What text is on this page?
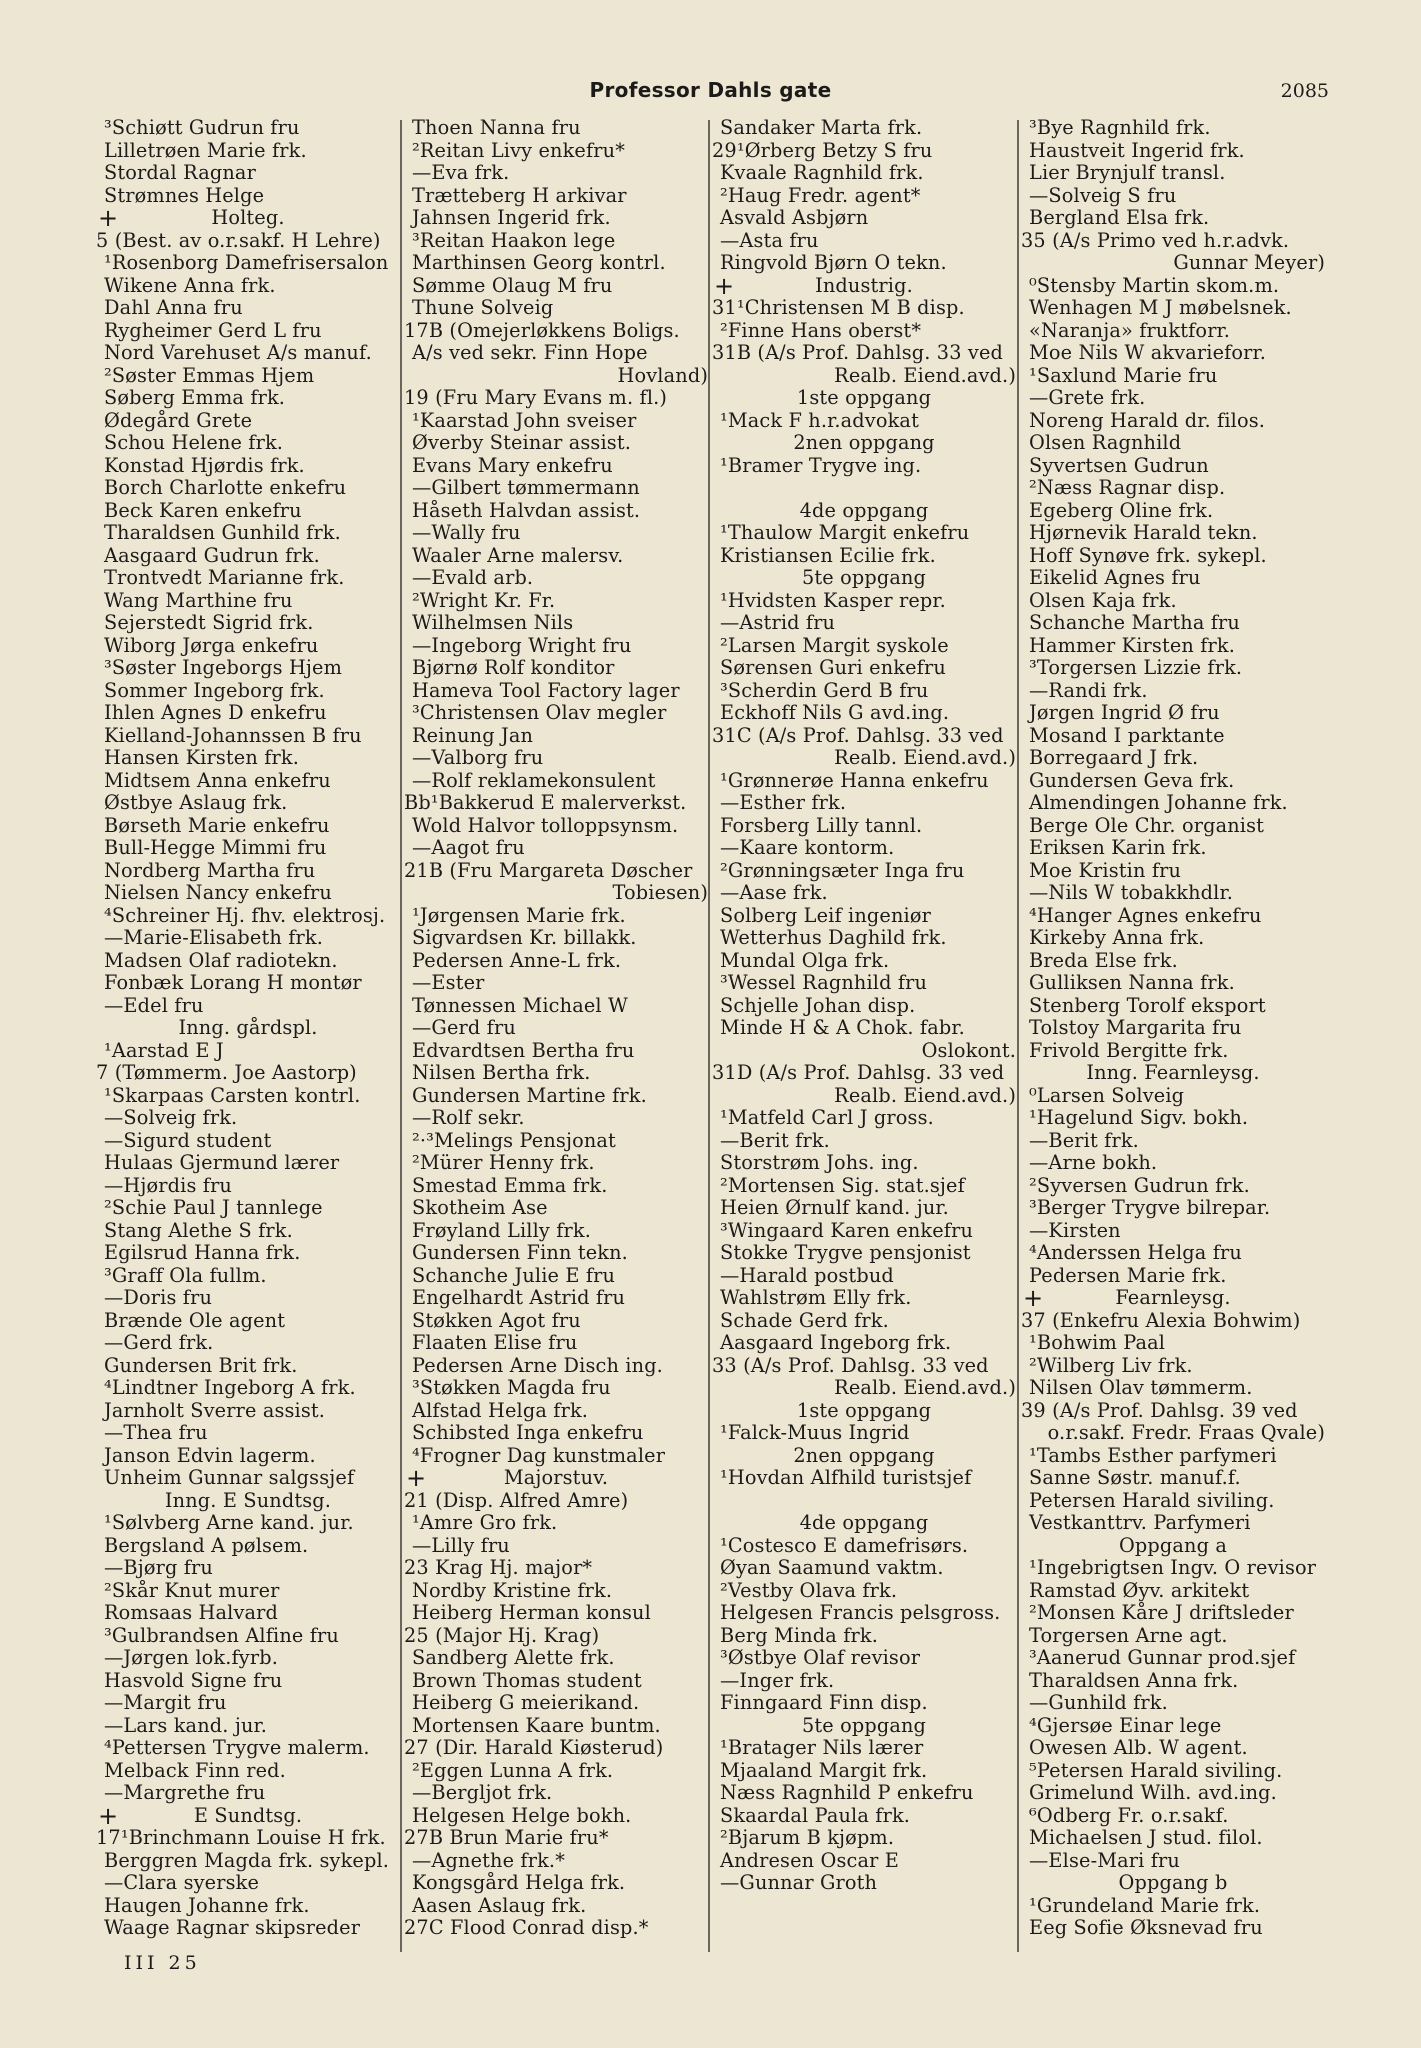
Professor Dahls gate	2085
³Schiøtt Gudrun fru
Lilletrøen Marie frk.
Stordal Ragnar
Strømnes Helge
+	Holteg.
5 (Best. av o.r.sakf. H Lehre)
¹Rosenborg Damefrisersalon
Wikene Anna frk.
Dahl Anna fru
Rygheimer Gerd L fru
Nord Varehuset A/s manuf.
²Søster Emmas Hjem
Søberg Emma frk.
Ødegård Grete
Schou Helene frk.
Konstad Hjørdis frk.
Borch Charlotte enkefru
Beck Karen enkefru
Tharaldsen Gunhild frk.
Aasgaard Gudrun frk.
Trontvedt Marianne frk.
Wang Marthine fru
Sejerstedt Sigrid frk.
Wiborg Jørga enkefru
³Søster Ingeborgs Hjem
Sommer Ingeborg frk.
Ihlen Agnes D enkefru
Kielland-Johannssen B fru
Hansen Kirsten frk.
Midtsem Anna enkefru
Østbye Aslaug frk.
Børseth Marie enkefru
Bull-Hegge Mimmi fru
Nordberg Martha fru
Nielsen Nancy enkefru
⁴Schreiner Hj. fhv. elektrosj.
—Marie-Elisabeth frk.
Madsen Olaf radiotekn.
Fonbæk Lorang H montør
—Edel fru
Inng. gårdspl.
¹Aarstad E J
7 (Tømmerm. Joe Aastorp)
¹Skarpaas Carsten kontrl.
—Solveig frk.
—Sigurd student
Hulaas Gjermund lærer
—Hjørdis fru
²Schie Paul J tannlege
Stang Alethe S frk.
Egilsrud Hanna frk.
³Graff Ola fullm.
—Doris fru
Brænde Ole agent
—Gerd frk.
Gundersen Brit frk.
⁴Lindtner Ingeborg A frk.
Jarnholt Sverre assist.
—Thea fru
Janson Edvin lagerm.
Unheim Gunnar salgssjef
Inng. E Sundtsg.
¹Sølvberg Arne kand. jur.
Bergsland A pølsem.
—Bjørg fru
²Skår Knut murer
Romsaas Halvard
³Gulbrandsen Alfine fru
—Jørgen lok.fyrb.
Hasvold Signe fru
—Margit fru
—Lars kand. jur.
⁴Pettersen Trygve malerm.
Melback Finn red.
—Margrethe fru
+	E Sundtsg.
17¹Brinchmann Louise H frk.
Berggren Magda frk. sykepl.
—Clara syerske
Haugen Johanne frk.
Waage Ragnar skipsreder
Thoen Nanna fru
²Reitan Livy enkefru*
—Eva frk.
Trætteberg H arkivar
Jahnsen Ingerid frk.
³Reitan Haakon lege
Marthinsen Georg kontrl.
Sømme Olaug M fru
Thune Solveig
17B (Omejerløkkens Boligs.
A/s ved sekr. Finn Hope
Hovland)
19 (Fru Mary Evans m. fl.)
¹Kaarstad John sveiser
Øverby Steinar assist.
Evans Mary enkefru
—Gilbert tømmermann
Håseth Halvdan assist.
—Wally fru
Waaler Arne malersv.
—Evald arb.
²Wright Kr. Fr.
Wilhelmsen Nils
—Ingeborg Wright fru
Bjørnø Rolf konditor
Hameva Tool Factory lager
³Christensen Olav megler
Reinung Jan
—Valborg fru
—Rolf reklamekonsulent
Bb¹Bakkerud E malerverkst.
Wold Halvor tolloppsynsm.
—Aagot fru
21B (Fru Margareta Døscher
Tobiesen)
¹Jørgensen Marie frk.
Sigvardsen Kr. billakk.
Pedersen Anne-L frk.
—Ester
Tønnessen Michael W
—Gerd fru
Edvardtsen Bertha fru
Nilsen Bertha frk.
Gundersen Martine frk.
—Rolf sekr.
²·³Melings Pensjonat
²Mürer Henny frk.
Smestad Emma frk.
Skotheim Ase
Frøyland Lilly frk.
Gundersen Finn tekn.
Schanche Julie E fru
Engelhardt Astrid fru
Støkken Agot fru
Flaaten Elise fru
Pedersen Arne Disch ing.
³Støkken Magda fru
Alfstad Helga frk.
Schibsted Inga enkefru
⁴Frogner Dag kunstmaler
+	Majorstuv.
21 (Disp. Alfred Amre)
¹Amre Gro frk.
—Lilly fru
23 Krag Hj. major*
Nordby Kristine frk.
Heiberg Herman konsul
25 (Major Hj. Krag)
Sandberg Alette frk.
Brown Thomas student
Heiberg G meierikand.
Mortensen Kaare buntm.
27 (Dir. Harald Kiøsterud)
²Eggen Lunna A frk.
—Bergljot frk.
Helgesen Helge bokh.
27B Brun Marie fru*
—Agnethe frk.*
Kongsgård Helga frk.
Aasen Aslaug frk.
27C Flood Conrad disp.*
Sandaker Marta frk.
29¹Ørberg Betzy S fru
Kvaale Ragnhild frk.
²Haug Fredr. agent*
Asvald Asbjørn
—Asta fru
Ringvold Bjørn O tekn.
+	Industrig.
31¹Christensen M B disp.
²Finne Hans oberst*
31B (A/s Prof. Dahlsg. 33 ved
Realb. Eiend.avd.)
1ste oppgang
¹Mack F h.r.advokat
2nen oppgang
¹Bramer Trygve ing.
4de oppgang
¹Thaulow Margit enkefru
Kristiansen Ecilie frk.
5te oppgang
¹Hvidsten Kasper repr.
—Astrid fru
²Larsen Margit syskole
Sørensen Guri enkefru
³Scherdin Gerd B fru
Eckhoff Nils G avd.ing.
31C (A/s Prof. Dahlsg. 33 ved
Realb. Eiend.avd.)
¹Grønnerøe Hanna enkefru
—Esther frk.
Forsberg Lilly tannl.
—Kaare kontorm.
²Grønningsæter Inga fru
—Aase frk.
Solberg Leif ingeniør
Wetterhus Daghild frk.
Mundal Olga frk.
³Wessel Ragnhild fru
Schjelle Johan disp.
Minde H & A Chok. fabr.
Oslokont.
31D (A/s Prof. Dahlsg. 33 ved
Realb. Eiend.avd.)
¹Matfeld Carl J gross.
—Berit frk.
Storstrøm Johs. ing.
²Mortensen Sig. stat.sjef
Heien Ørnulf kand. jur.
³Wingaard Karen enkefru
Stokke Trygve pensjonist
—Harald postbud
Wahlstrøm Elly frk.
Schade Gerd frk.
Aasgaard Ingeborg frk.
33 (A/s Prof. Dahlsg. 33 ved
Realb. Eiend.avd.)
1ste oppgang
¹Falck-Muus Ingrid
2nen oppgang
¹Hovdan Alfhild turistsjef
4de oppgang
¹Costesco E damefrisørs.
Øyan Saamund vaktm.
²Vestby Olava frk.
Helgesen Francis pelsgross.
Berg Minda frk.
³Østbye Olaf revisor
—Inger frk.
Finngaard Finn disp.
5te oppgang
¹Bratager Nils lærer
Mjaaland Margit frk.
Næss Ragnhild P enkefru
Skaardal Paula frk.
²Bjarum B kjøpm.
Andresen Oscar E
—Gunnar Groth
³Bye Ragnhild frk.
Haustveit Ingerid frk.
Lier Brynjulf transl.
—Solveig S fru
Bergland Elsa frk.
35 (A/s Primo ved h.r.advk.
Gunnar Meyer)
⁰Stensby Martin skom.m.
Wenhagen M J møbelsnek.
«Naranja» fruktforr.
Moe Nils W akvarieforr.
¹Saxlund Marie fru
—Grete frk.
Noreng Harald dr. filos.
Olsen Ragnhild
Syvertsen Gudrun
²Næss Ragnar disp.
Egeberg Oline frk.
Hjørnevik Harald tekn.
Hoff Synøve frk. sykepl.
Eikelid Agnes fru
Olsen Kaja frk.
Schanche Martha fru
Hammer Kirsten frk.
³Torgersen Lizzie frk.
—Randi frk.
Jørgen Ingrid Ø fru
Mosand I parktante
Borregaard J frk.
Gundersen Geva frk.
Almendingen Johanne frk.
Berge Ole Chr. organist
Eriksen Karin frk.
Moe Kristin fru
—Nils W tobakkhdlr.
⁴Hanger Agnes enkefru
Kirkeby Anna frk.
Breda Else frk.
Gulliksen Nanna frk.
Stenberg Torolf eksport
Tolstoy Margarita fru
Frivold Bergitte frk.
Inng. Fearnleysg.
⁰Larsen Solveig
¹Hagelund Sigv. bokh.
—Berit frk.
—Arne bokh.
²Syversen Gudrun frk.
³Berger Trygve bilrepar.
—Kirsten
⁴Anderssen Helga fru
Pedersen Marie frk.
+	Fearnleysg.
37 (Enkefru Alexia Bohwim)
¹Bohwim Paal
²Wilberg Liv frk.
Nilsen Olav tømmerm.
39 (A/s Prof. Dahlsg. 39 ved
o.r.sakf. Fredr. Fraas Qvale)
¹Tambs Esther parfymeri
Sanne Søstr. manuf.f.
Petersen Harald siviling.
Vestkanttrv. Parfymeri
Oppgang a
¹Ingebrigtsen Ingv. O revisor
Ramstad Øyv. arkitekt
²Monsen Kåre J driftsleder
Torgersen Arne agt.
³Aanerud Gunnar prod.sjef
Tharaldsen Anna frk.
—Gunhild frk.
⁴Gjersøe Einar lege
Owesen Alb. W agent.
⁵Petersen Harald siviling.
Grimelund Wilh. avd.ing.
⁶Odberg Fr. o.r.sakf.
Michaelsen J stud. filol.
—Else-Mari fru
Oppgang b
¹Grundeland Marie frk.
Eeg Sofie Øksnevad fru
III 25
